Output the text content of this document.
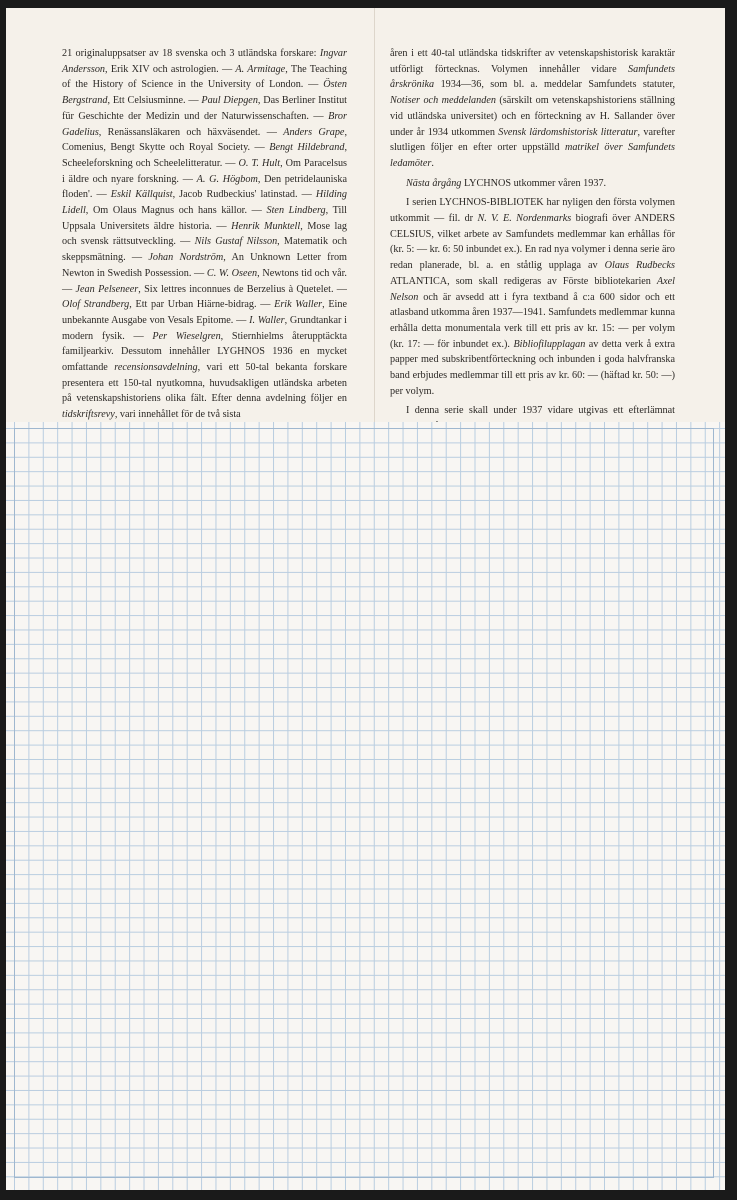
21 originaluppsatser av 18 svenska och 3 utländska forskare: Ingvar Andersson, Erik XIV och astrologien. — A. Armitage, The Teaching of the History of Science in the University of London. — Östen Bergstrand, Ett Celsiusminne. — Paul Diepgen, Das Berliner Institut für Geschichte der Medizin und der Naturwissenschaften. — Bror Gadelius, Renässansläkaren och häxväsendet. — Anders Grape, Comenius, Bengt Skytte och Royal Society. — Bengt Hildebrand, Scheeleforskning och Scheelelitteratur. — O. T. Hult, Om Paracelsus i äldre och nyare forskning. — A. G. Högbom, Den petridelauniska floden'. — Eskil Källquist, Jacob Rudbeckius' latinstad. — Hilding Lidell, Om Olaus Magnus och hans källor. — Sten Lindberg, Till Uppsala Universitets äldre historia. — Henrik Munktell, Mose lag och svensk rättsutveckling. — Nils Gustaf Nilsson, Matematik och skeppsmätning. — Johan Nordström, An Unknown Letter from Newton in Swedish Possession. — C. W. Oseen, Newtons tid och vår. — Jean Pelseneer, Six lettres inconnues de Berzelius à Quetelet. — Olof Strandberg, Ett par Urban Hiärne-bidrag. — Erik Waller, Eine unbekannte Ausgabe von Vesals Epitome. — I. Waller, Grundtankar i modern fysik. — Per Wieselgren, Stiernhielms återupptäckta familjearkiv. Dessutom innehåller LYGHNOS 1936 en mycket omfattande recensionsavdelning, vari ett 50-tal bekanta forskare presentera ett 150-tal nyutkomna, huvudsakligen utländska arbeten på vetenskapshistoriens olika fält. Efter denna avdelning följer en tidskriftsrevy, vari innehållet för de två sista

åren i ett 40-tal utländska tidskrifter av vetenskapshistorisk karaktär utförligt förtecknas. Volymen innehåller vidare Samfundets årskrönika 1934—36, som bl. a. meddelar Samfundets statuter, Notiser och meddelanden (särskilt om vetenskapshistoriens ställning vid utländska universitet) och en förteckning av H. Sallander över under år 1934 utkommen Svensk lärdomshistorisk litteratur, varefter slutligen följer en efter orter uppställd matrikel över Samfundets ledamöter.

Nästa årgång LYCHNOS utkommer våren 1937.

I serien LYCHNOS-BIBLIOTEK har nyligen den första volymen utkommit — fil. dr N. V. E. Nordenmarks biografi över ANDERS CELSIUS, vilket arbete av Samfundets medlemmar kan erhållas för (kr. 5: — kr. 6: 50 inbundet ex.). En rad nya volymer i denna serie äro redan planerade, bl. a. en ståtlig upplaga av Olaus Rudbecks ATLANTICA, som skall redigeras av Förste bibliotekarien Axel Nelson och är avsedd att i fyra textband å c:a 600 sidor och ett atlasband utkomma åren 1937—1941. Samfundets medlemmar kunna erhålla detta monumentala verk till ett pris av kr. 15: — per volym (kr. 17: — för inbundet ex.). Bibliofilupplagan av detta verk å extra papper med subskribentförteckning och inbunden i goda halvfranska band erbjudes medlemmar till ett pris av kr. 60: — (häftad kr. 50: —) per volym.

I denna serie skall under 1937 vidare utgivas ett efterlämnat
